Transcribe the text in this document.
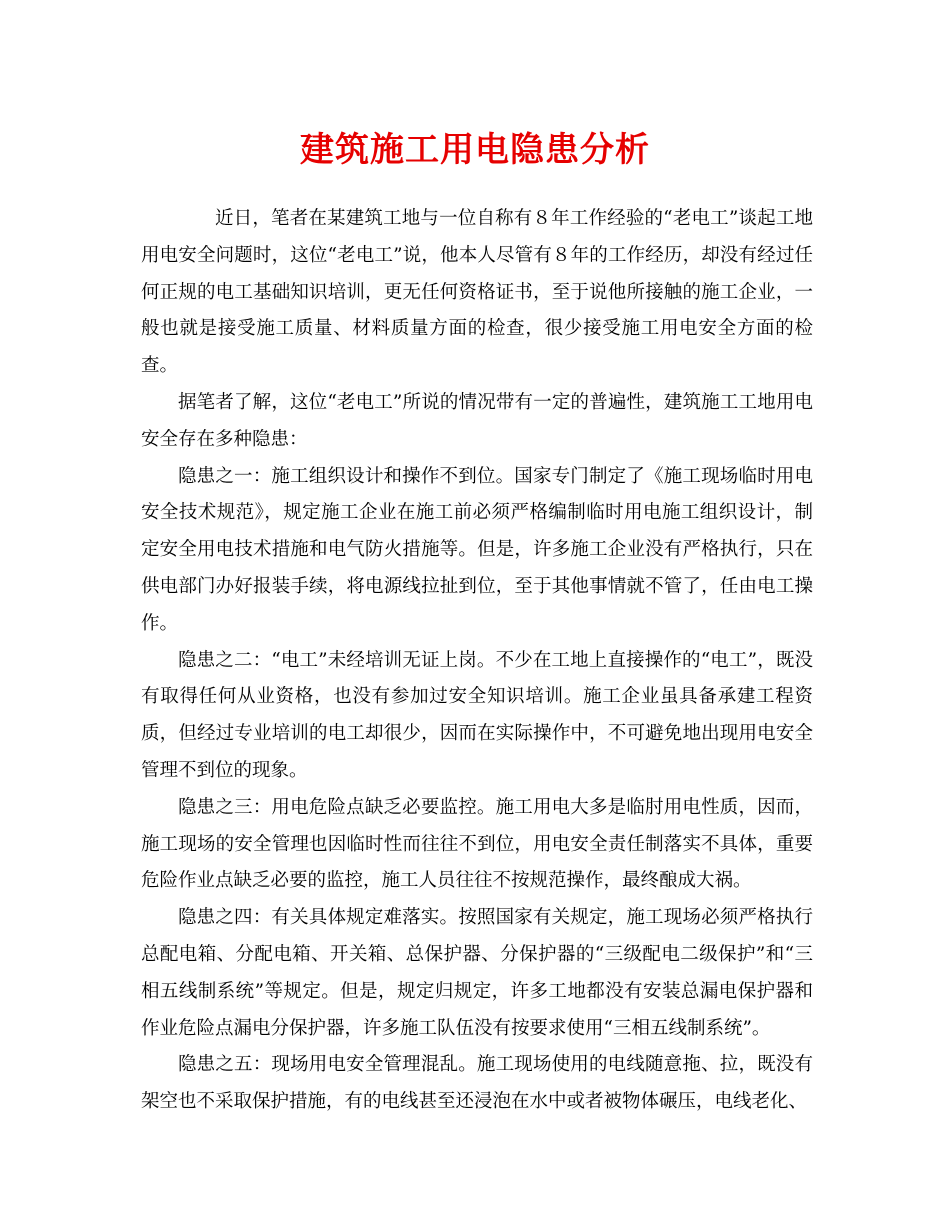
建筑施工用电隐患分析

近日，笔者在某建筑工地与一位自称有８年工作经验的“老电工”谈起工地用电安全问题时，这位“老电工”说，他本人尽管有８年的工作经历，却没有经过任何正规的电工基础知识培训，更无任何资格证书，至于说他所接触的施工企业，一般也就是接受施工质量、材料质量方面的检查，很少接受施工用电安全方面的检查。

据笔者了解，这位“老电工”所说的情况带有一定的普遍性，建筑施工工地用电安全存在多种隐患：

隐患之一：施工组织设计和操作不到位。国家专门制定了《施工现场临时用电安全技术规范》，规定施工企业在施工前必须严格编制临时用电施工组织设计，制定安全用电技术措施和电气防火措施等。但是，许多施工企业没有严格执行，只在供电部门办好报装手续，将电源线拉扯到位，至于其他事情就不管了，任由电工操作。

隐患之二：“电工”未经培训无证上岗。不少在工地上直接操作的“电工”，既没有取得任何从业资格，也没有参加过安全知识培训。施工企业虽具备承建工程资质，但经过专业培训的电工却很少，因而在实际操作中，不可避免地出现用电安全管理不到位的现象。

隐患之三：用电危险点缺乏必要监控。施工用电大多是临肘用电性质，因而，施工现场的安全管理也因临时性而往往不到位，用电安全责任制落实不具体，重要危险作业点缺乏必要的监控，施工人员往往不按规范操作，最终酿成大祸。

隐患之四：有关具体规定难落实。按照国家有关规定，施工现场必须严格执行总配电箱、分配电箱、开关箱、总保护器、分保护器的“三级配电二级保护”和“三相五线制系统”等规定。但是，规定归规定，许多工地都没有安装总漏电保护器和作业危险点漏电分保护器，许多施工队伍没有按要求使用“三相五线制系统”。

隐患之五：现场用电安全管理混乱。施工现场使用的电线随意拖、拉，既没有架空也不采取保护措施，有的电线甚至还浸泡在水中或者被物体碾压，电线老化、
